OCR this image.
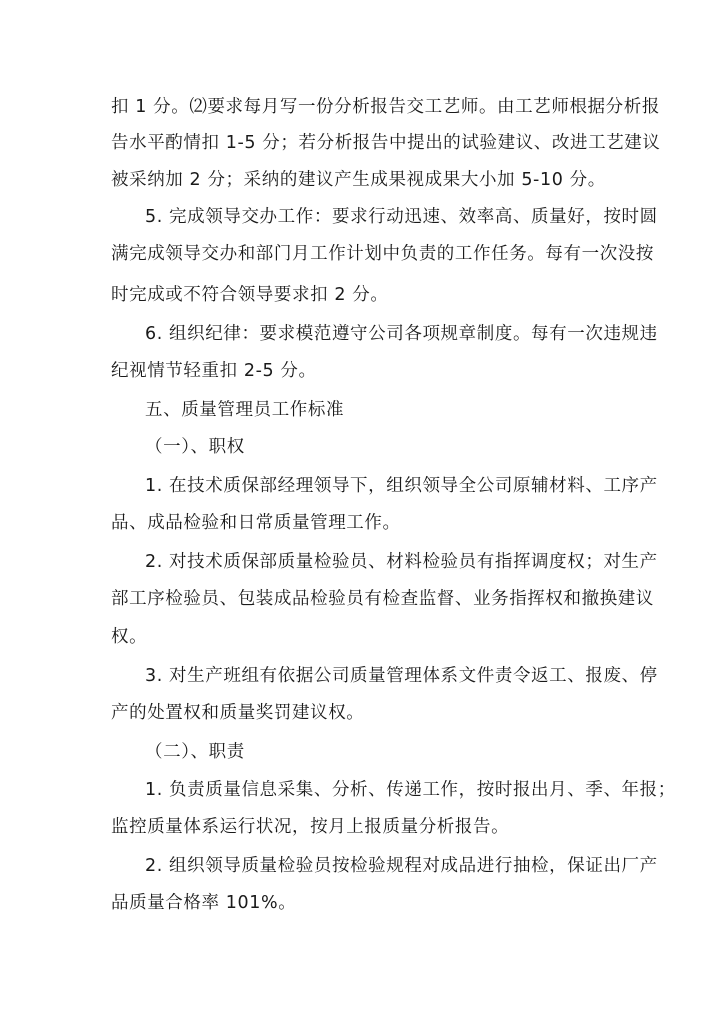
扣 1 分。⑵要求每月写一份分析报告交工艺师。由工艺师根据分析报
告水平酌情扣 1-5 分；若分析报告中提出的试验建议、改进工艺建议
被采纳加 2 分；采纳的建议产生成果视成果大小加 5-10 分。
5. 完成领导交办工作：要求行动迅速、效率高、质量好，按时圆
满完成领导交办和部门月工作计划中负责的工作任务。每有一次没按
时完成或不符合领导要求扣 2 分。
6. 组织纪律：要求模范遵守公司各项规章制度。每有一次违规违
纪视情节轻重扣 2-5 分。
五、质量管理员工作标准
（一）、职权
1. 在技术质保部经理领导下，组织领导全公司原辅材料、工序产
品、成品检验和日常质量管理工作。
2. 对技术质保部质量检验员、材料检验员有指挥调度权；对生产
部工序检验员、包装成品检验员有检查监督、业务指挥权和撤换建议
权。
3. 对生产班组有依据公司质量管理体系文件责令返工、报废、停
产的处置权和质量奖罚建议权。
（二）、职责
1. 负责质量信息采集、分析、传递工作，按时报出月、季、年报；
监控质量体系运行状况，按月上报质量分析报告。
2. 组织领导质量检验员按检验规程对成品进行抽检，保证出厂产
品质量合格率 101%。
